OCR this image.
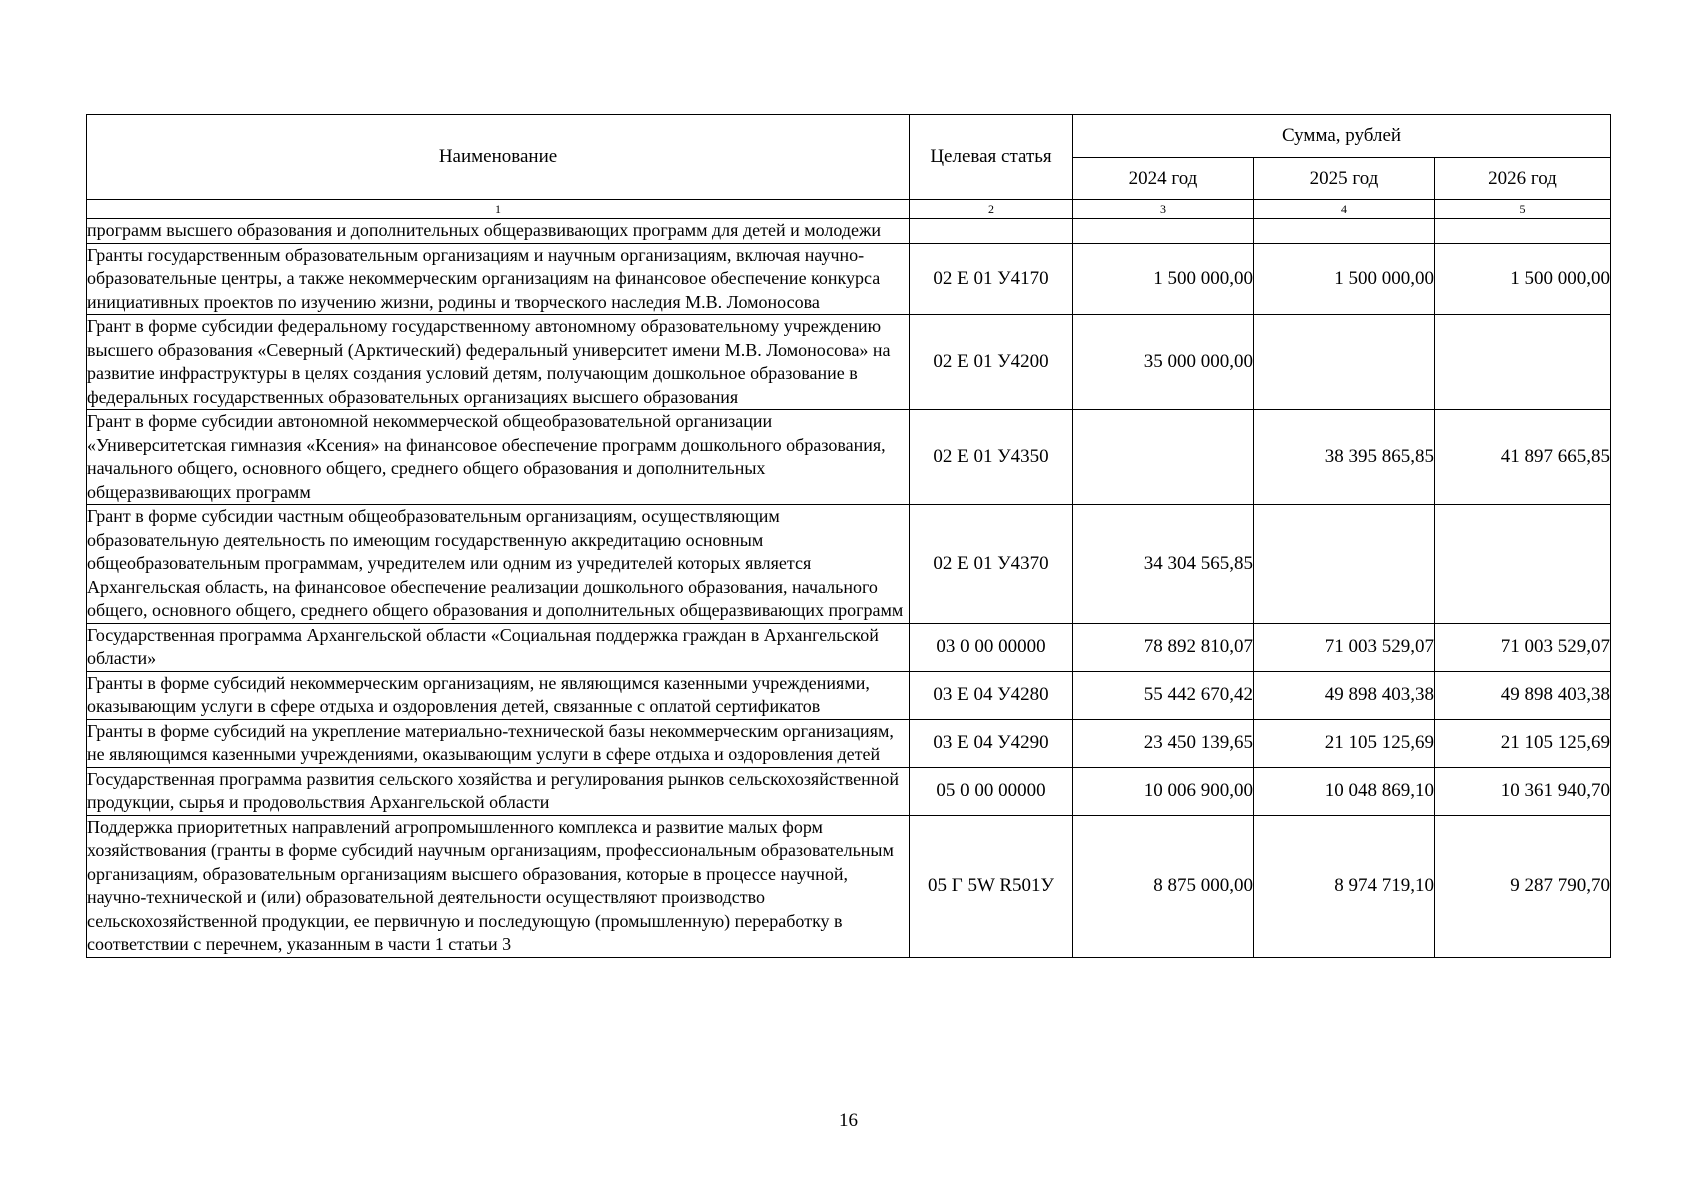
Наименование	Целевая статья	Сумма, рублей		
		2024 год	2025 год	2026 год
1	2	3	4	5
программ высшего образования и дополнительных общеразвивающих программ для детей и молодежи				
Гранты государственным образовательным организациям и научным организациям, включая научно-образовательные центры, а также некоммерческим организациям на финансовое обеспечение конкурса инициативных проектов по изучению жизни, родины и творческого наследия М.В. Ломоносова	02 Е 01 У4170	1 500 000,00	1 500 000,00	1 500 000,00
Грант в форме субсидии федеральному государственному автономному образовательному учреждению высшего образования «Северный (Арктический) федеральный университет имени М.В. Ломоносова» на развитие инфраструктуры в целях создания условий детям, получающим дошкольное образование в федеральных государственных образовательных организациях высшего образования	02 Е 01 У4200	35 000 000,00		
Грант в форме субсидии автономной некоммерческой общеобразовательной организации «Университетская гимназия «Ксения» на финансовое обеспечение программ дошкольного образования, начального общего, основного общего, среднего общего образования и дополнительных общеразвивающих программ	02 Е 01 У4350		38 395 865,85	41 897 665,85
Грант в форме субсидии частным общеобразовательным организациям, осуществляющим образовательную деятельность по имеющим государственную аккредитацию основным общеобразовательным программам, учредителем или одним из учредителей которых является Архангельская область, на финансовое обеспечение реализации дошкольного образования, начального общего, основного общего, среднего общего образования и дополнительных общеразвивающих программ	02 Е 01 У4370	34 304 565,85		
Государственная программа Архангельской области «Социальная поддержка граждан в Архангельской области»	03 0 00 00000	78 892 810,07	71 003 529,07	71 003 529,07
Гранты в форме субсидий некоммерческим организациям, не являющимся казенными учреждениями, оказывающим услуги в сфере отдыха и оздоровления детей, связанные с оплатой сертификатов	03 Е 04 У4280	55 442 670,42	49 898 403,38	49 898 403,38
Гранты в форме субсидий на укрепление материально-технической базы некоммерческим организациям, не являющимся казенными учреждениями, оказывающим услуги в сфере отдыха и оздоровления детей	03 Е 04 У4290	23 450 139,65	21 105 125,69	21 105 125,69
Государственная программа развития сельского хозяйства и регулирования рынков сельскохозяйственной продукции, сырья и продовольствия Архангельской области	05 0 00 00000	10 006 900,00	10 048 869,10	10 361 940,70
Поддержка приоритетных направлений агропромышленного комплекса и развитие малых форм хозяйствования (гранты в форме субсидий научным организациям, профессиональным образовательным организациям, образовательным организациям высшего образования, которые в процессе научной, научно-технической и (или) образовательной деятельности осуществляют производство сельскохозяйственной продукции, ее первичную и последующую (промышленную) переработку в соответствии с перечнем, указанным в части 1 статьи 3	05 Г 5W R501У	8 875 000,00	8 974 719,10	9 287 790,70
16
